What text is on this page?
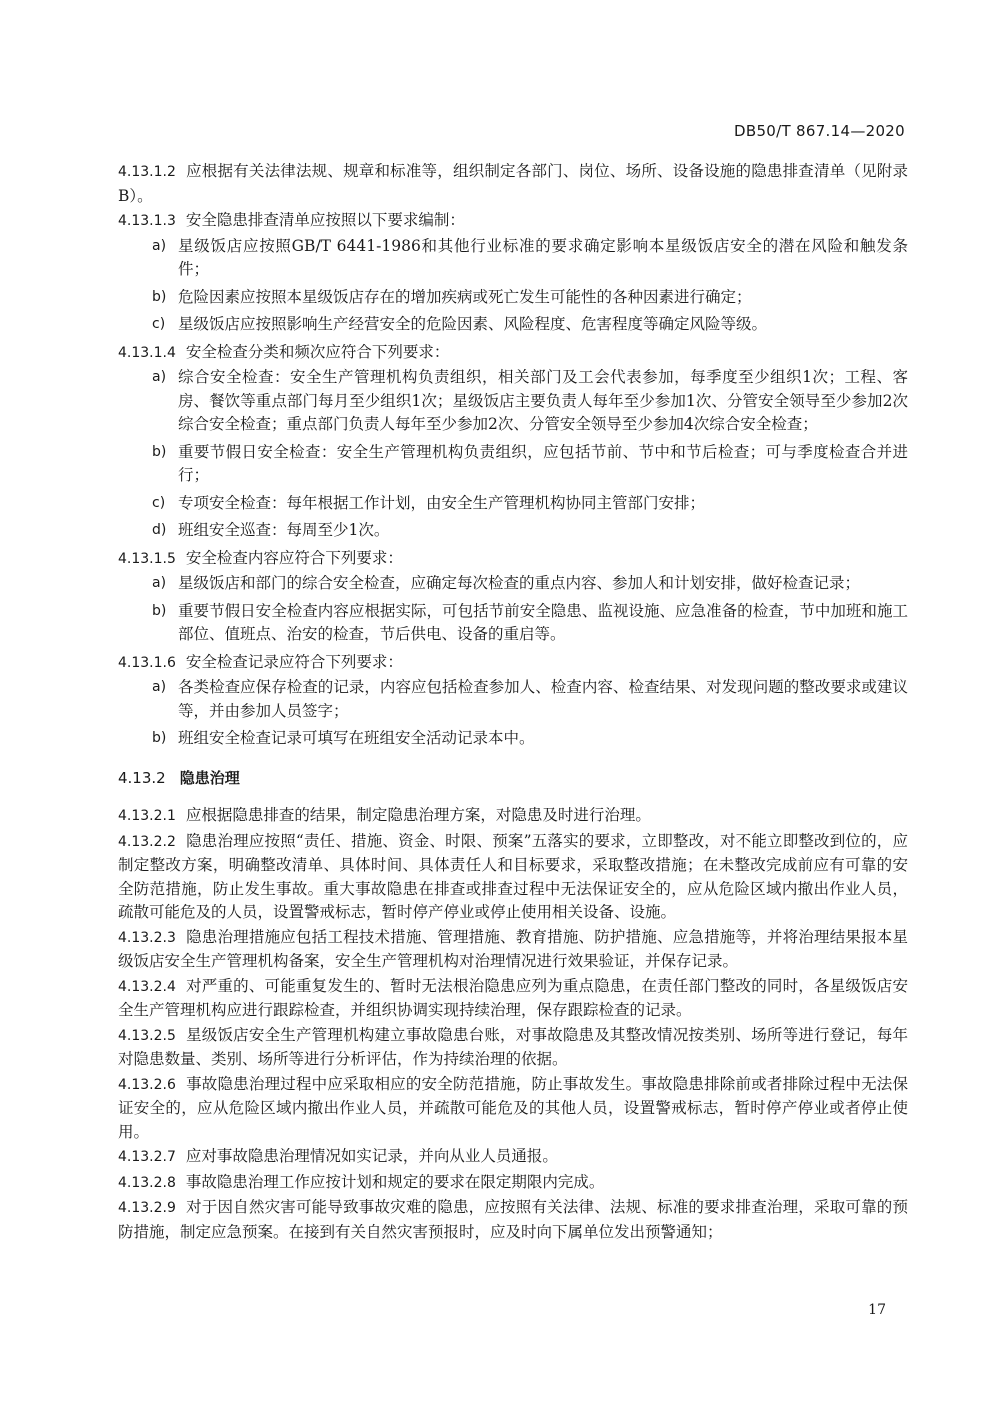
DB50/T 867.14—2020
4.13.1.2 应根据有关法律法规、规章和标准等，组织制定各部门、岗位、场所、设备设施的隐患排查清单（见附录B）。
4.13.1.3 安全隐患排查清单应按照以下要求编制：
a) 星级饭店应按照GB/T 6441-1986和其他行业标准的要求确定影响本星级饭店安全的潜在风险和触发条件；
b) 危险因素应按照本星级饭店存在的增加疾病或死亡发生可能性的各种因素进行确定；
c) 星级饭店应按照影响生产经营安全的危险因素、风险程度、危害程度等确定风险等级。
4.13.1.4 安全检查分类和频次应符合下列要求：
a) 综合安全检查：安全生产管理机构负责组织，相关部门及工会代表参加，每季度至少组织1次；工程、客房、餐饮等重点部门每月至少组织1次；星级饭店主要负责人每年至少参加1次、分管安全领导至少参加2次综合安全检查；重点部门负责人每年至少参加2次、分管安全领导至少参加4次综合安全检查；
b) 重要节假日安全检查：安全生产管理机构负责组织，应包括节前、节中和节后检查；可与季度检查合并进行；
c) 专项安全检查：每年根据工作计划，由安全生产管理机构协同主管部门安排；
d) 班组安全巡查：每周至少1次。
4.13.1.5 安全检查内容应符合下列要求：
a) 星级饭店和部门的综合安全检查，应确定每次检查的重点内容、参加人和计划安排，做好检查记录；
b) 重要节假日安全检查内容应根据实际，可包括节前安全隐患、监视设施、应急准备的检查，节中加班和施工部位、值班点、治安的检查，节后供电、设备的重启等。
4.13.1.6 安全检查记录应符合下列要求：
a) 各类检查应保存检查的记录，内容应包括检查参加人、检查内容、检查结果、对发现问题的整改要求或建议等，并由参加人员签字；
b) 班组安全检查记录可填写在班组安全活动记录本中。
4.13.2 隐患治理
4.13.2.1 应根据隐患排查的结果，制定隐患治理方案，对隐患及时进行治理。
4.13.2.2 隐患治理应按照“责任、措施、资金、时限、预案”五落实的要求，立即整改，对不能立即整改到位的，应制定整改方案，明确整改清单、具体时间、具体责任人和目标要求，采取整改措施；在未整改完成前应有可靠的安全防范措施，防止发生事故。重大事故隐患在排查或排查过程中无法保证安全的，应从危险区域内撤出作业人员，疏散可能危及的人员，设置警戒标志，暂时停产停业或停止使用相关设备、设施。
4.13.2.3 隐患治理措施应包括工程技术措施、管理措施、教育措施、防护措施、应急措施等，并将治理结果报本星级饭店安全生产管理机构备案，安全生产管理机构对治理情况进行效果验证，并保存记录。
4.13.2.4 对严重的、可能重复发生的、暂时无法根治隐患应列为重点隐患，在责任部门整改的同时，各星级饭店安全生产管理机构应进行跟踪检查，并组织协调实现持续治理，保存跟踪检查的记录。
4.13.2.5 星级饭店安全生产管理机构建立事故隐患台账，对事故隐患及其整改情况按类别、场所等进行登记，每年对隐患数量、类别、场所等进行分析评估，作为持续治理的依据。
4.13.2.6 事故隐患治理过程中应采取相应的安全防范措施，防止事故发生。事故隐患排除前或者排除过程中无法保证安全的，应从危险区域内撤出作业人员，并疏散可能危及的其他人员，设置警戒标志，暂时停产停业或者停止使用。
4.13.2.7 应对事故隐患治理情况如实记录，并向从业人员通报。
4.13.2.8 事故隐患治理工作应按计划和规定的要求在限定期限内完成。
4.13.2.9 对于因自然灾害可能导致事故灾难的隐患，应按照有关法律、法规、标准的要求排查治理，采取可靠的预防措施，制定应急预案。在接到有关自然灾害预报时，应及时向下属单位发出预警通知；
17
